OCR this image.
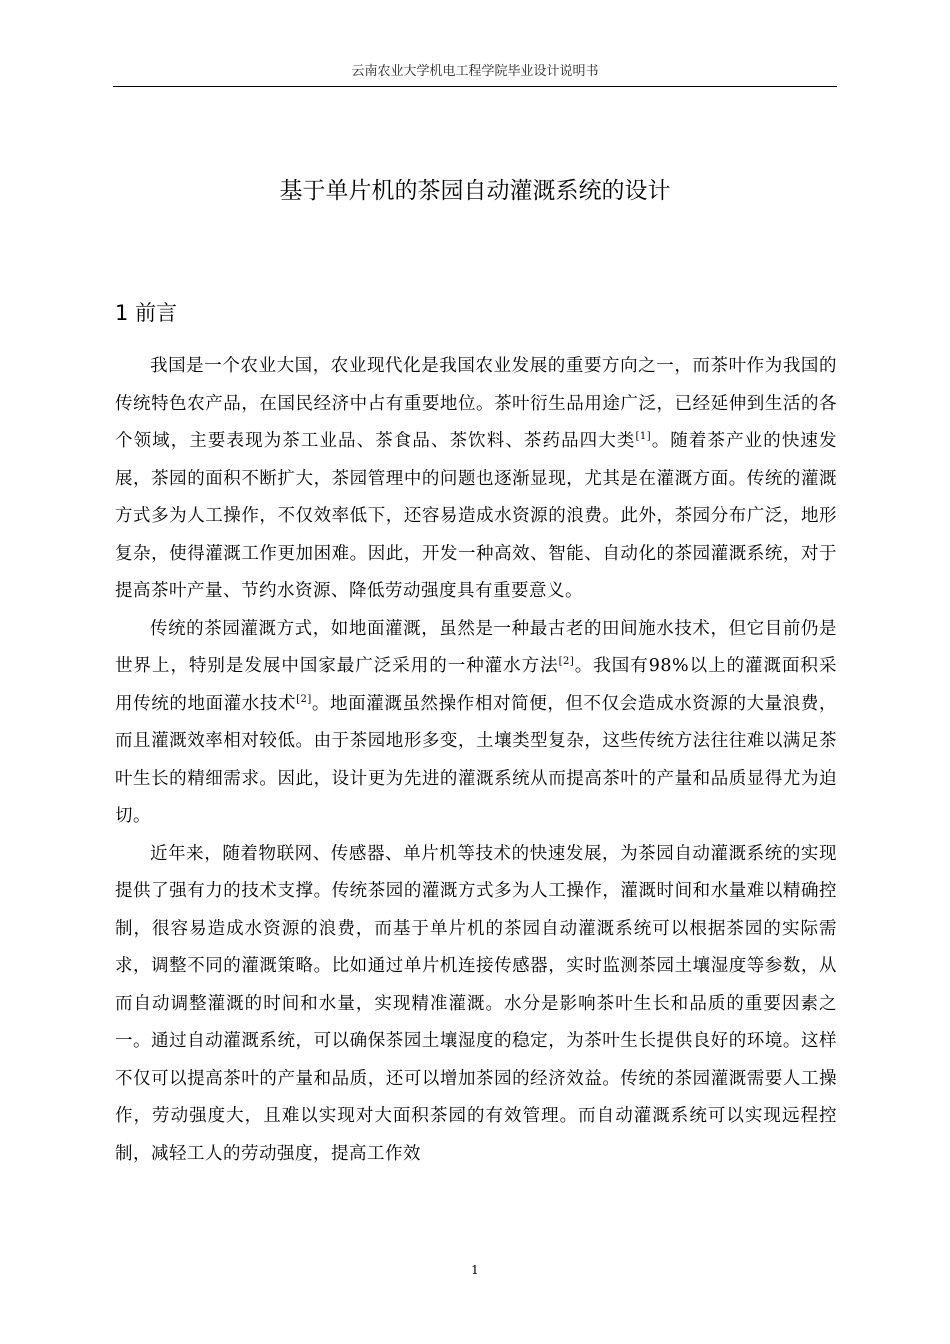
云南农业大学机电工程学院毕业设计说明书
基于单片机的茶园自动灌溉系统的设计
1 前言

我国是一个农业大国，农业现代化是我国农业发展的重要方向之一，而茶叶作为我国的传统特色农产品，在国民经济中占有重要地位。茶叶衍生品用途广泛，已经延伸到生活的各个领域，主要表现为茶工业品、茶食品、茶饮料、茶药品四大类[1]。随着茶产业的快速发展，茶园的面积不断扩大，茶园管理中的问题也逐渐显现，尤其是在灌溉方面。传统的灌溉方式多为人工操作，不仅效率低下，还容易造成水资源的浪费。此外，茶园分布广泛，地形复杂，使得灌溉工作更加困难。因此，开发一种高效、智能、自动化的茶园灌溉系统，对于提高茶叶产量、节约水资源、降低劳动强度具有重要意义。

传统的茶园灌溉方式，如地面灌溉，虽然是一种最古老的田间施水技术，但它目前仍是世界上，特别是发展中国家最广泛采用的一种灌水方法[2]。我国有98%以上的灌溉面积采用传统的地面灌水技术[2]。地面灌溉虽然操作相对简便，但不仅会造成水资源的大量浪费，而且灌溉效率相对较低。由于茶园地形多变，土壤类型复杂，这些传统方法往往难以满足茶叶生长的精细需求。因此，设计更为先进的灌溉系统从而提高茶叶的产量和品质显得尤为迫切。

近年来，随着物联网、传感器、单片机等技术的快速发展，为茶园自动灌溉系统的实现提供了强有力的技术支撑。传统茶园的灌溉方式多为人工操作，灌溉时间和水量难以精确控制，很容易造成水资源的浪费，而基于单片机的茶园自动灌溉系统可以根据茶园的实际需求，调整不同的灌溉策略。比如通过单片机连接传感器，实时监测茶园土壤湿度等参数，从而自动调整灌溉的时间和水量，实现精准灌溉。水分是影响茶叶生长和品质的重要因素之一。通过自动灌溉系统，可以确保茶园土壤湿度的稳定，为茶叶生长提供良好的环境。这样不仅可以提高茶叶的产量和品质，还可以增加茶园的经济效益。传统的茶园灌溉需要人工操作，劳动强度大，且难以实现对大面积茶园的有效管理。而自动灌溉系统可以实现远程控制，减轻工人的劳动强度，提高工作效

1
